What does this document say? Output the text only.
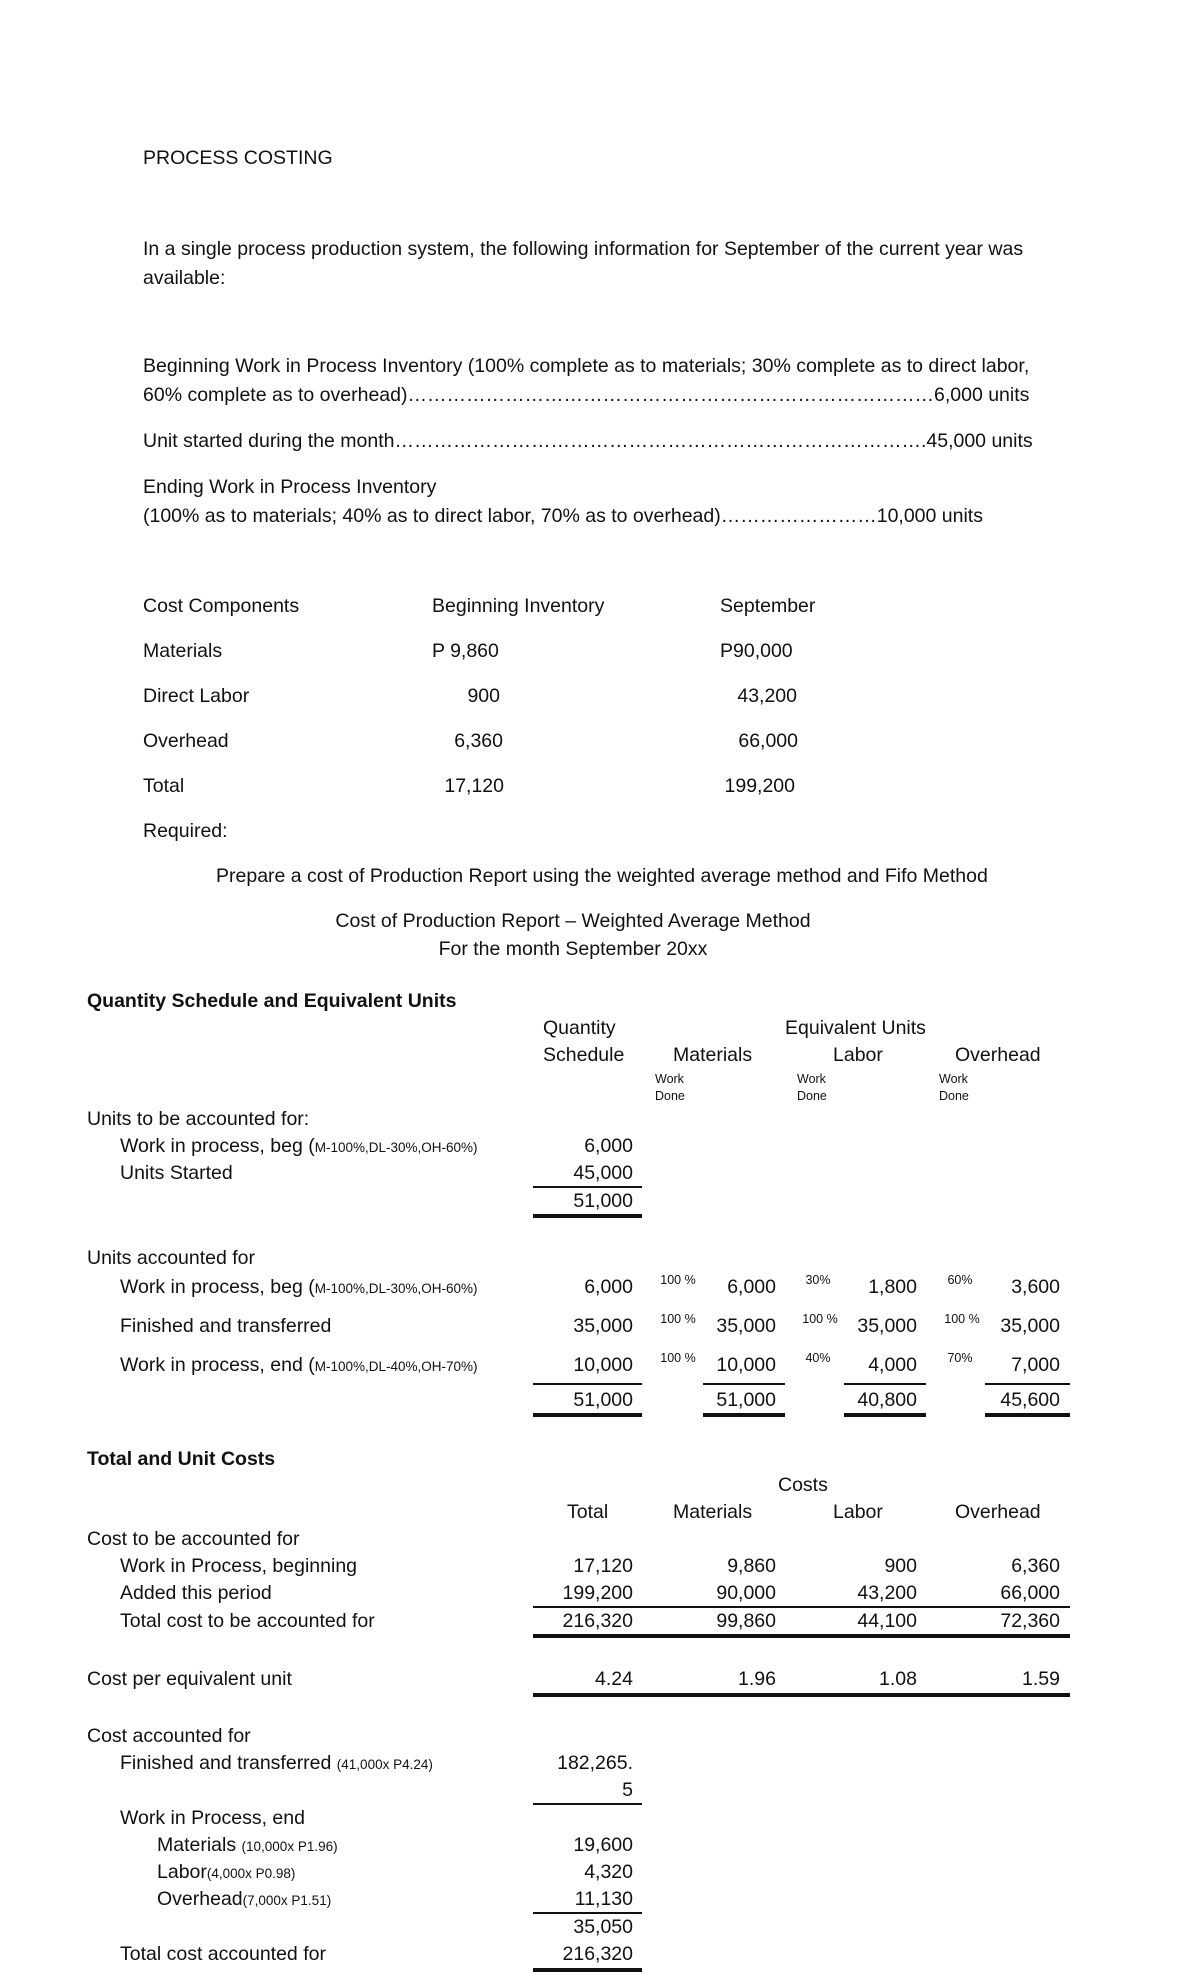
PROCESS COSTING
In a single process production system, the following information for September of the current year was available:
Beginning Work in Process Inventory (100% complete as to materials; 30% complete as to direct labor,
60% complete as to overhead)………………………………………………………………………6,000 units
Unit started during the month……………………………………………………………………….45,000 units
Ending Work in Process Inventory
(100% as to materials; 40% as to direct labor, 70% as to overhead)……………………10,000 units
Cost Components	Beginning Inventory	September
Materials	P 9,860	P90,000
Direct Labor	900	43,200
Overhead	6,360	66,000
Total	17,120	199,200
Required:
Prepare a cost of Production Report using the weighted average method and Fifo Method
Cost of Production Report – Weighted Average Method
For the month September 20xx
Quantity Schedule and Equivalent Units
Quantity
Schedule
Equivalent Units
Materials	Labor	Overhead
Work
Done
Work
Done
Work
Done
Units to be accounted for:
Work in process, beg (M-100%,DL-30%,OH-60%)	6,000
Units Started	45,000
51,000
Units accounted for
Work in process, beg (M-100%,DL-30%,OH-60%)	6,000 100 %	6,000	30%	1,800	60%	3,600
Finished and transferred	35,000 100 %	35,000 100 %	35,000 100 %	35,000
Work in process, end (M-100%,DL-40%,OH-70%)	10,000 100 %	10,000	40%	4,000	70%	7,000
51,000	51,000	40,800	45,600
Total and Unit Costs
Costs
Total	Materials	Labor	Overhead
Cost to be accounted for
Work in Process, beginning	17,120	9,860	900	6,360
Added this period	199,200	90,000	43,200	66,000
Total cost to be accounted for	216,320	99,860	44,100	72,360
Cost per equivalent unit	4.24	1.96	1.08	1.59
Cost accounted for
Finished and transferred (41,000x P4.24)	182,265.
5
Work in Process, end
Materials (10,000x P1.96)	19,600
Labor(4,000x P0.98)	4,320
Overhead(7,000x P1.51)	11,130
35,050
Total cost accounted for	216,320
